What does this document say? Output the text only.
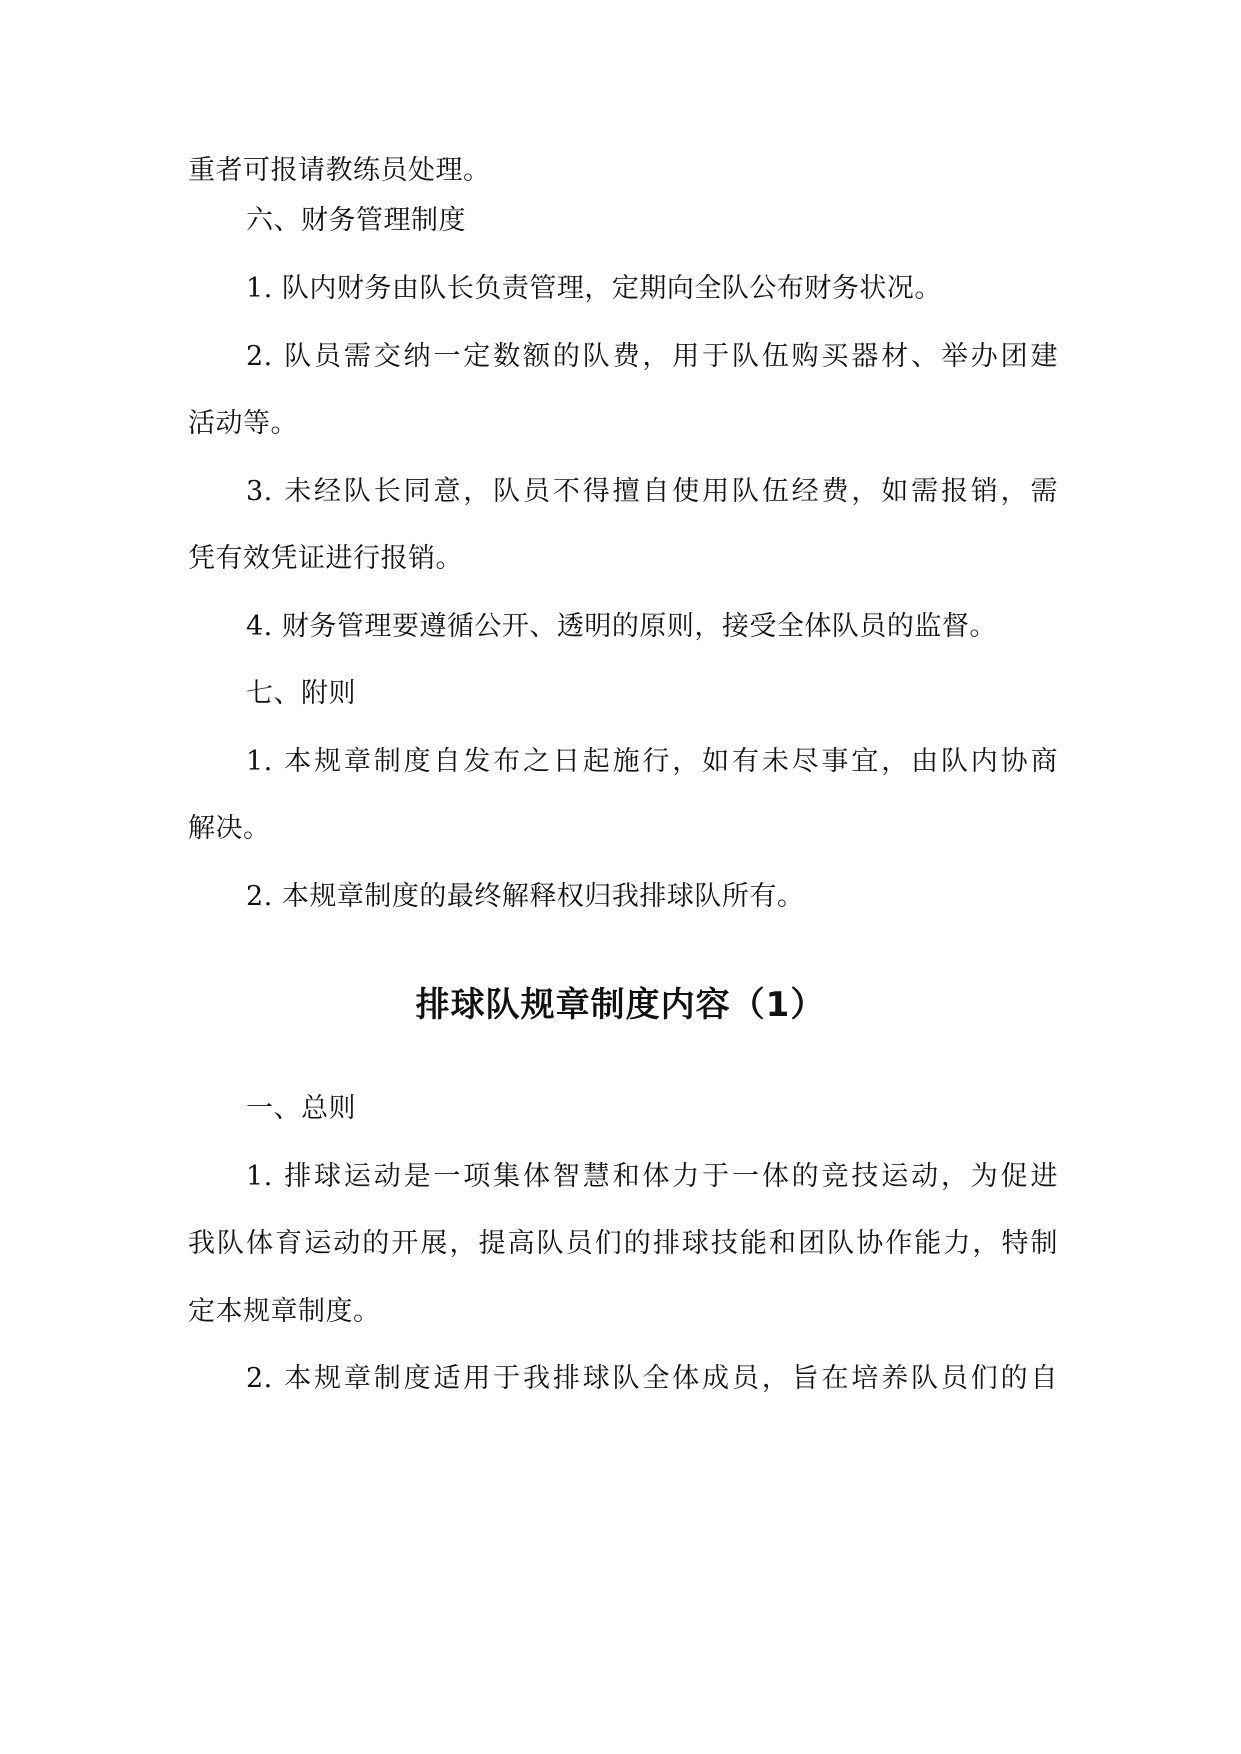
重者可报请教练员处理。
六、财务管理制度
1. 队内财务由队长负责管理，定期向全队公布财务状况。
2. 队员需交纳一定数额的队费，用于队伍购买器材、举办团建
活动等。
3. 未经队长同意，队员不得擅自使用队伍经费，如需报销，需
凭有效凭证进行报销。
4. 财务管理要遵循公开、透明的原则，接受全体队员的监督。
七、附则
1. 本规章制度自发布之日起施行，如有未尽事宜，由队内协商
解决。
2. 本规章制度的最终解释权归我排球队所有。
排球队规章制度内容（1）
一、总则
1. 排球运动是一项集体智慧和体力于一体的竞技运动，为促进
我队体育运动的开展，提高队员们的排球技能和团队协作能力，特制
定本规章制度。
2. 本规章制度适用于我排球队全体成员，旨在培养队员们的自
